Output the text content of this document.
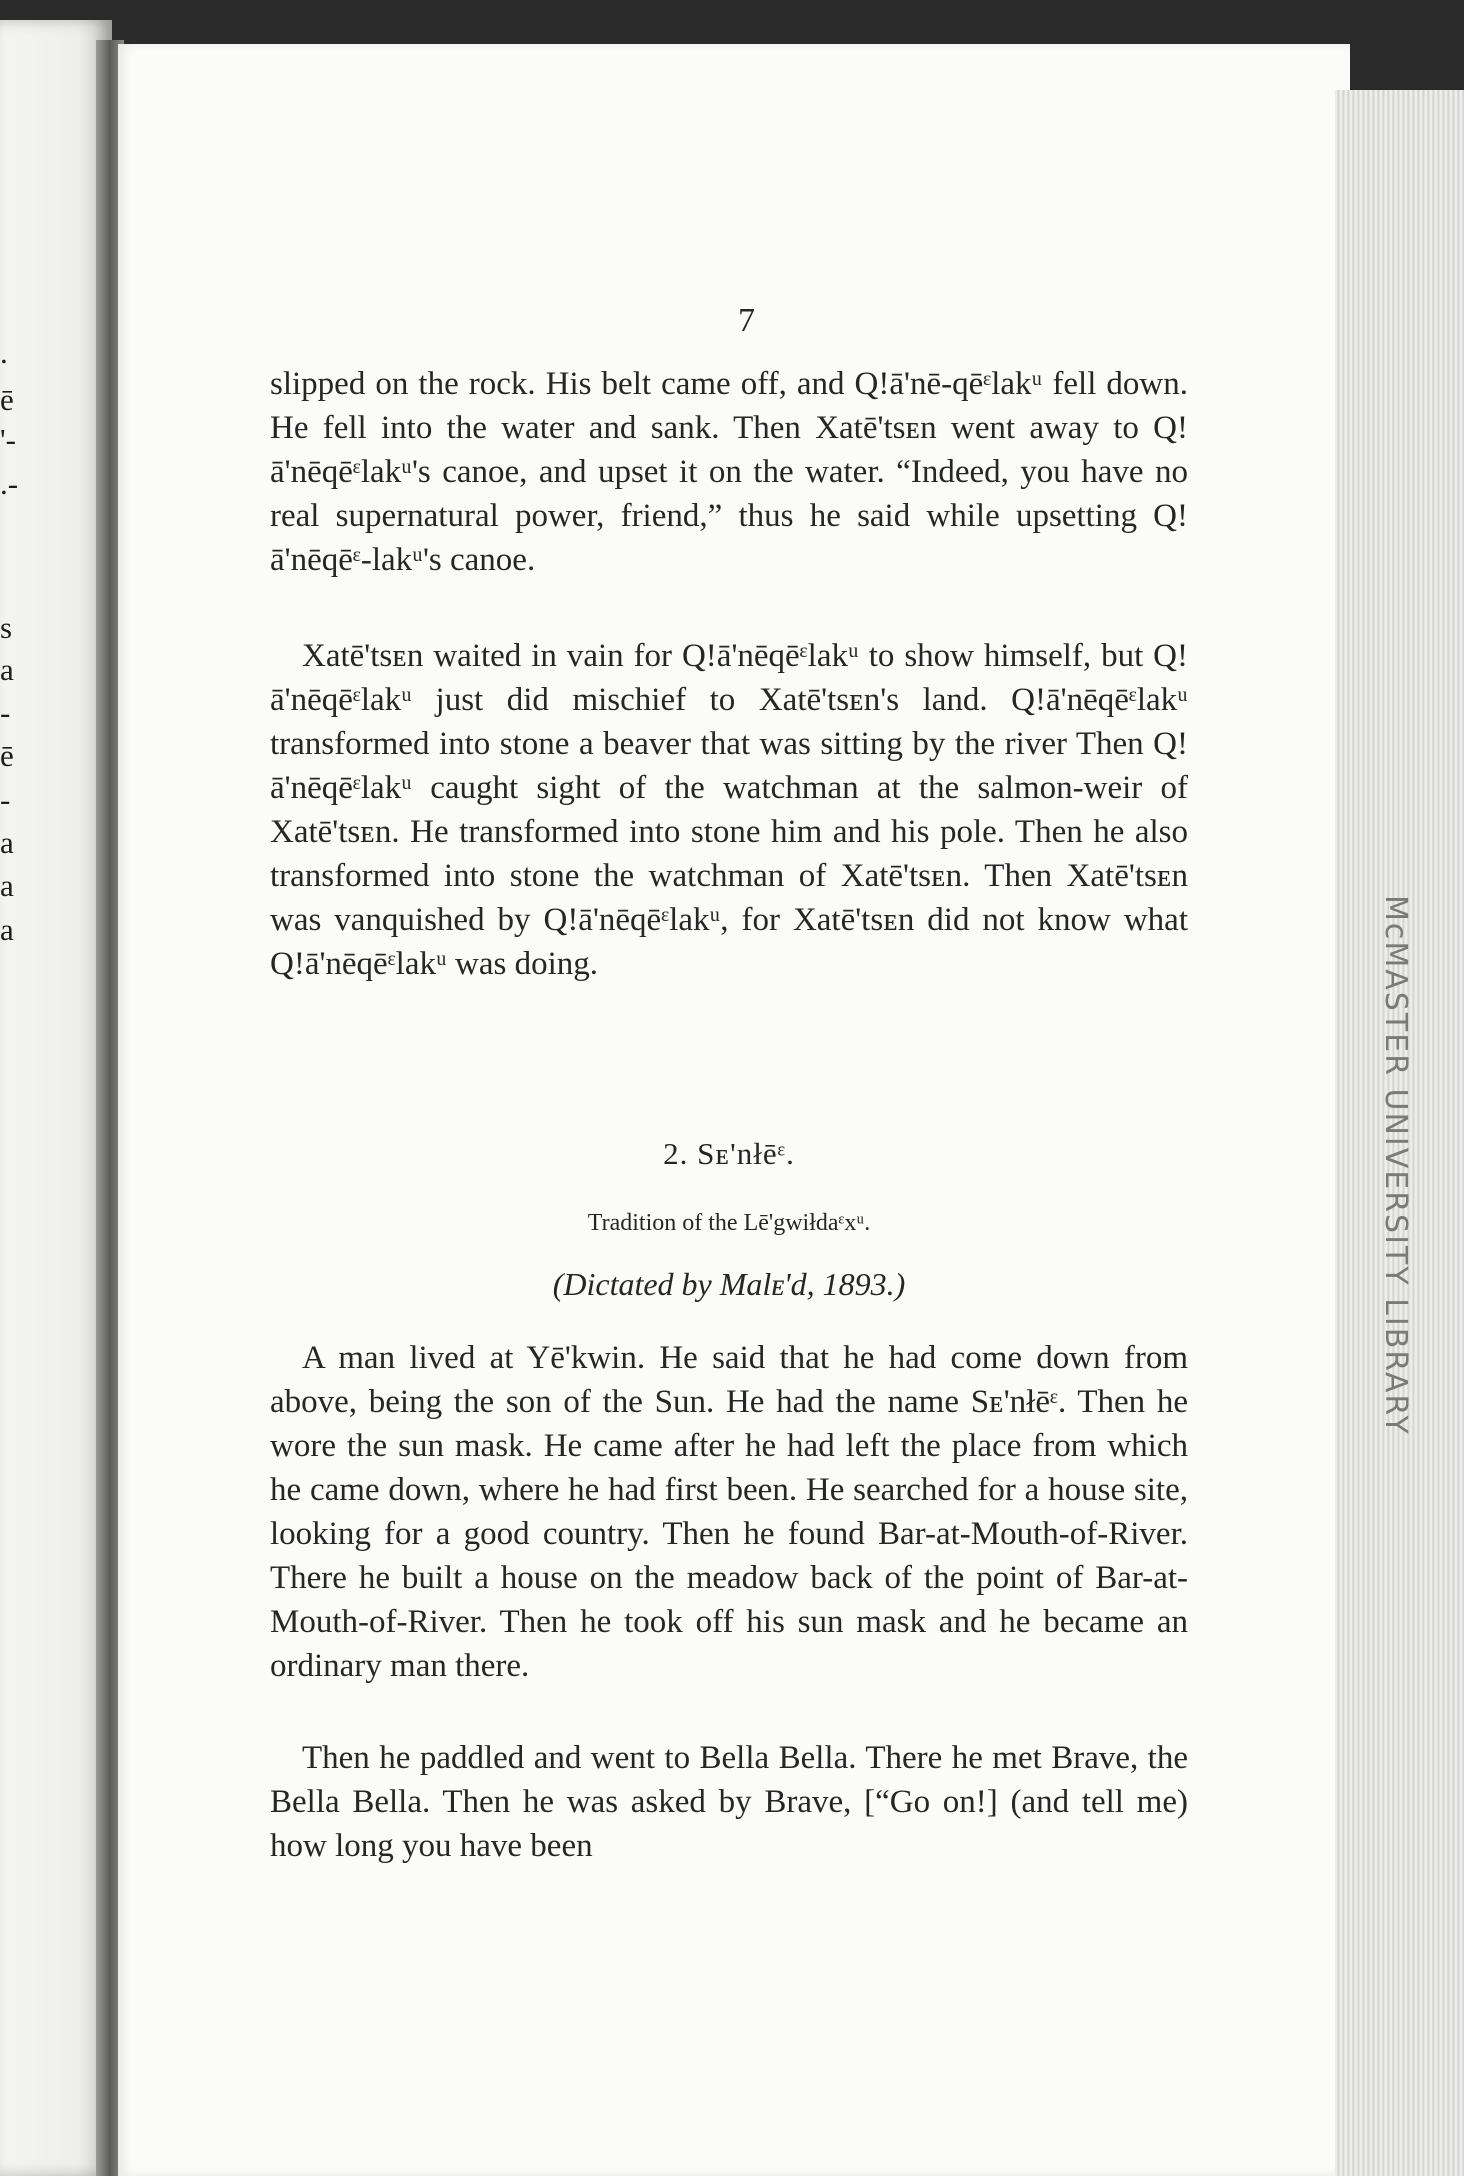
.
ē
'-
.-
s
a
-
ē
-
a
a
a
7

slipped on the rock. His belt came off, and Q!ā'nē-qēᵋlakᵘ fell down. He fell into the water and sank. Then Xatē'tsᴇn went away to Q!ā'nēqēᵋlakᵘ's canoe, and upset it on the water. “Indeed, you have no real supernatural power, friend,” thus he said while upsetting Q!ā'nēqēᵋ-lakᵘ's canoe.

Xatē'tsᴇn waited in vain for Q!ā'nēqēᵋlakᵘ to show himself, but Q!ā'nēqēᵋlakᵘ just did mischief to Xatē'tsᴇn's land. Q!ā'nēqēᵋlakᵘ transformed into stone a beaver that was sitting by the river Then Q!ā'nēqēᵋlakᵘ caught sight of the watchman at the salmon-weir of Xatē'tsᴇn. He transformed into stone him and his pole. Then he also transformed into stone the watchman of Xatē'tsᴇn. Then Xatē'tsᴇn was vanquished by Q!ā'nēqēᵋlakᵘ, for Xatē'tsᴇn did not know what Q!ā'nēqēᵋlakᵘ was doing.

2. Sᴇ'nłēᵋ.
Tradition of the Lē'gwiłdaᵋxᵘ.
(Dictated by Malᴇ'd, 1893.)

A man lived at Yē'kwin. He said that he had come down from above, being the son of the Sun. He had the name Sᴇ'nłēᵋ. Then he wore the sun mask. He came after he had left the place from which he came down, where he had first been. He searched for a house site, looking for a good country. Then he found Bar-at-Mouth-of-River. There he built a house on the meadow back of the point of Bar-at-Mouth-of-River. Then he took off his sun mask and he became an ordinary man there.

Then he paddled and went to Bella Bella. There he met Brave, the Bella Bella. Then he was asked by Brave, [“Go on!] (and tell me) how long you have been

McMASTER UNIVERSITY LIBRARY
